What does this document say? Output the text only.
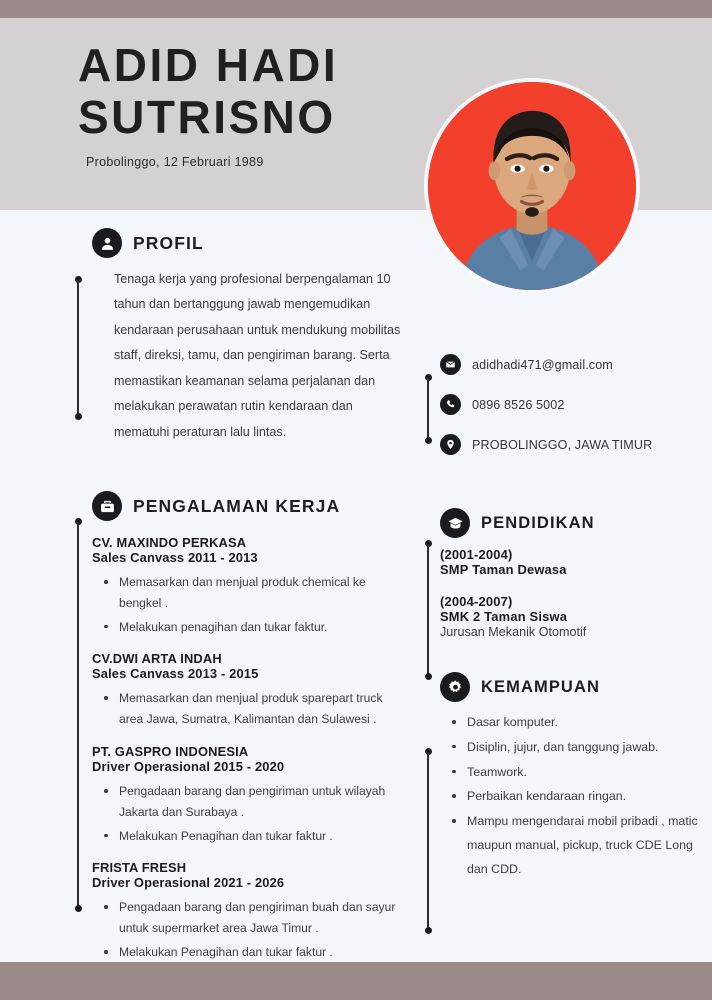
ADID HADI
SUTRISNO
Probolinggo, 12 Februari 1989
PROFIL

Tenaga kerja yang profesional berpengalaman 10 tahun dan bertanggung jawab mengemudikan kendaraan perusahaan untuk mendukung mobilitas staff, direksi, tamu, dan pengiriman barang. Serta memastikan keamanan selama perjalanan dan melakukan perawatan rutin kendaraan dan mematuhi peraturan lalu lintas.

PENGALAMAN KERJA
CV. MAXINDO PERKASA
Sales Canvass 2011 - 2013
Memasarkan dan menjual produk chemical ke bengkel .
Melakukan penagihan dan tukar faktur.
CV.DWI ARTA INDAH
Sales Canvass 2013 - 2015
Memasarkan dan menjual produk sparepart truck area Jawa, Sumatra, Kalimantan dan Sulawesi .
PT. GASPRO INDONESIA
Driver Operasional 2015 - 2020
Pengadaan barang dan pengiriman untuk wilayah Jakarta dan Surabaya .
Melakukan Penagihan dan tukar faktur .
FRISTA FRESH
Driver Operasional 2021 - 2026
Pengadaan barang dan pengiriman buah dan sayur untuk supermarket area Jawa Timur .
Melakukan Penagihan dan tukar faktur .
adidhadi471@gmail.com
0896 8526 5002
PROBOLINGGO, JAWA TIMUR
PENDIDIKAN
(2001-2004)
SMP Taman Dewasa
(2004-2007)
SMK 2 Taman Siswa
Jurusan Mekanik Otomotif
KEMAMPUAN
Dasar komputer.
Disiplin, jujur, dan tanggung jawab.
Teamwork.
Perbaikan kendaraan ringan.
Mampu mengendarai mobil pribadi , matic maupun manual, pickup, truck CDE Long dan CDD.
